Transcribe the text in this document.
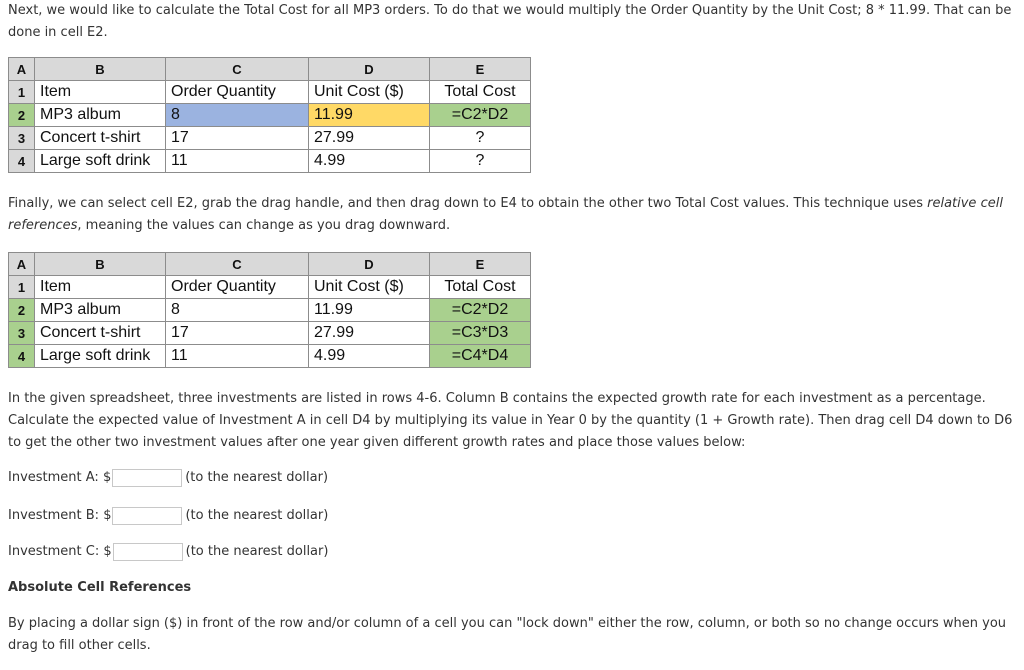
Next, we would like to calculate the Total Cost for all MP3 orders. To do that we would multiply the Order Quantity by the Unit Cost; 8 * 11.99. That can be done in cell E2.

A	B	C	D	E
1	Item	Order Quantity	Unit Cost ($)	Total Cost
2	MP3 album	8	11.99	=C2*D2
3	Concert t-shirt	17	27.99	?
4	Large soft drink	11	4.99	?

Finally, we can select cell E2, grab the drag handle, and then drag down to E4 to obtain the other two Total Cost values. This technique uses relative cell references, meaning the values can change as you drag downward.

A	B	C	D	E
1	Item	Order Quantity	Unit Cost ($)	Total Cost
2	MP3 album	8	11.99	=C2*D2
3	Concert t-shirt	17	27.99	=C3*D3
4	Large soft drink	11	4.99	=C4*D4

In the given spreadsheet, three investments are listed in rows 4-6. Column B contains the expected growth rate for each investment as a percentage. Calculate the expected value of Investment A in cell D4 by multiplying its value in Year 0 by the quantity (1 + Growth rate). Then drag cell D4 down to D6 to get the other two investment values after one year given different growth rates and place those values below:

Investment A: $	(to the nearest dollar)
Investment B: $	(to the nearest dollar)
Investment C: $	(to the nearest dollar)
Absolute Cell References

By placing a dollar sign ($) in front of the row and/or column of a cell you can "lock down" either the row, column, or both so no change occurs when you drag to fill other cells.
